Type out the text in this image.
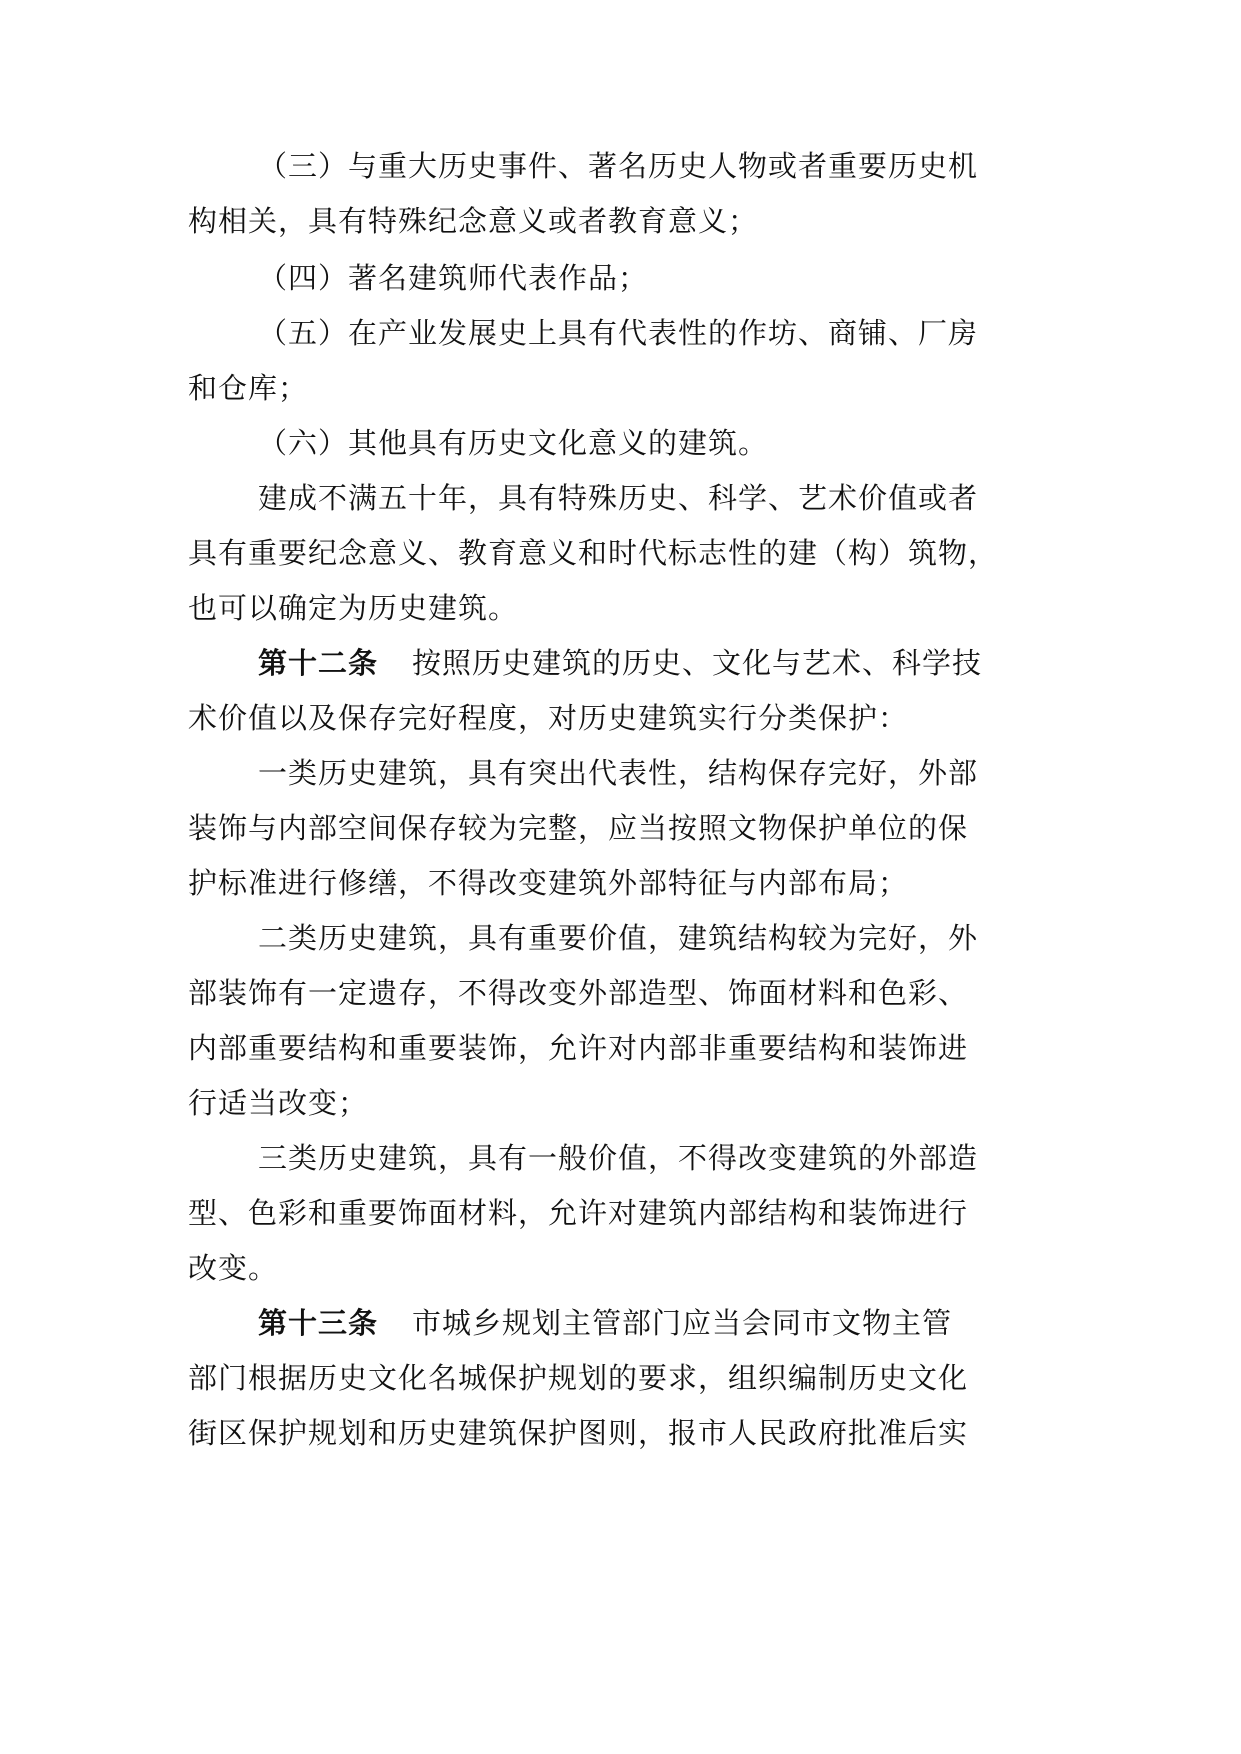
（三）与重大历史事件、著名历史人物或者重要历史机
构相关，具有特殊纪念意义或者教育意义；
（四）著名建筑师代表作品；
（五）在产业发展史上具有代表性的作坊、商铺、厂房
和仓库；
（六）其他具有历史文化意义的建筑。
建成不满五十年，具有特殊历史、科学、艺术价值或者
具有重要纪念意义、教育意义和时代标志性的建（构）筑物，
也可以确定为历史建筑。
第十二条 按照历史建筑的历史、文化与艺术、科学技
术价值以及保存完好程度，对历史建筑实行分类保护：
一类历史建筑，具有突出代表性，结构保存完好，外部
装饰与内部空间保存较为完整，应当按照文物保护单位的保
护标准进行修缮，不得改变建筑外部特征与内部布局；
二类历史建筑，具有重要价值，建筑结构较为完好，外
部装饰有一定遗存，不得改变外部造型、饰面材料和色彩、
内部重要结构和重要装饰，允许对内部非重要结构和装饰进
行适当改变；
三类历史建筑，具有一般价值，不得改变建筑的外部造
型、色彩和重要饰面材料，允许对建筑内部结构和装饰进行
改变。
第十三条 市城乡规划主管部门应当会同市文物主管
部门根据历史文化名城保护规划的要求，组织编制历史文化
街区保护规划和历史建筑保护图则，报市人民政府批准后实
